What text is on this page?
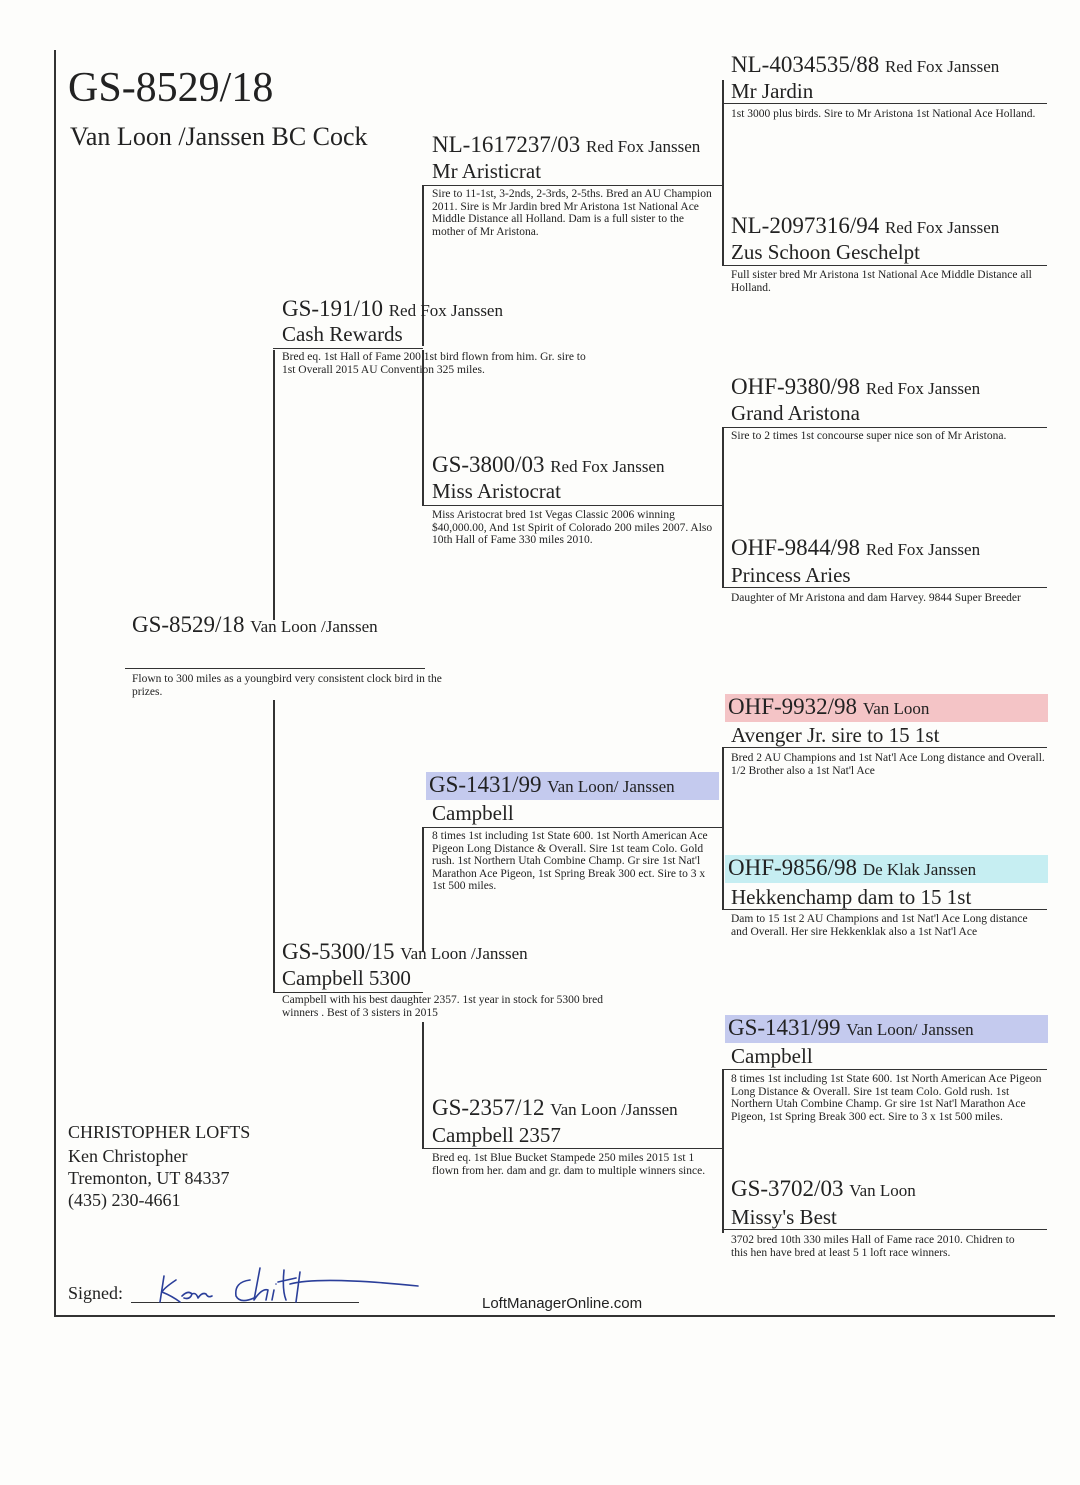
GS-8529/18
Van Loon /Janssen BC Cock
GS-8529/18 Van Loon /Janssen
Flown to 300 miles as a youngbird very consistent clock bird in the prizes.
GS-191/10 Red Fox Janssen
Cash Rewards
Bred eq. 1st Hall of Fame 200 1st bird flown from him. Gr. sire to 1st Overall 2015 AU Convention 325 miles.
GS-5300/15 Van Loon /Janssen
Campbell 5300
Campbell with his best daughter 2357. 1st year in stock for 5300 bred winners . Best of 3 sisters in 2015
NL-1617237/03 Red Fox Janssen
Mr Aristicrat
Sire to 11-1st, 3-2nds, 2-3rds, 2-5ths. Bred an AU Champion 2011. Sire is Mr Jardin bred Mr Aristona 1st National Ace Middle Distance all Holland. Dam is a full sister to the mother of Mr Aristona.
GS-3800/03 Red Fox Janssen
Miss Aristocrat
Miss Aristocrat bred 1st Vegas Classic 2006 winning $40,000.00, And 1st Spirit of Colorado 200 miles 2007. Also 10th Hall of Fame 330 miles 2010.
GS-1431/99 Van Loon/ Janssen
Campbell
8 times 1st including 1st State 600. 1st North American Ace Pigeon Long Distance & Overall. Sire 1st team Colo. Gold rush. 1st Northern Utah Combine Champ. Gr sire 1st Nat'l Marathon Ace Pigeon, 1st Spring Break 300 ect. Sire to 3 x 1st 500 miles.
GS-2357/12 Van Loon /Janssen
Campbell 2357
Bred eq. 1st Blue Bucket Stampede 250 miles 2015 1st 1 flown from her. dam and gr. dam to multiple winners since.
NL-4034535/88 Red Fox Janssen
Mr Jardin
1st 3000 plus birds. Sire to Mr Aristona 1st National Ace Holland.
NL-2097316/94 Red Fox Janssen
Zus Schoon Geschelpt
Full sister bred Mr Aristona 1st National Ace Middle Distance all Holland.
OHF-9380/98 Red Fox Janssen
Grand Aristona
Sire to 2 times 1st concourse super nice son of Mr Aristona.
OHF-9844/98 Red Fox Janssen
Princess Aries
Daughter of Mr Aristona and dam Harvey. 9844 Super Breeder
OHF-9932/98 Van Loon
Avenger Jr. sire to 15 1st
Bred 2 AU Champions and 1st Nat'l Ace Long distance and Overall. 1/2 Brother also a 1st Nat'l Ace
OHF-9856/98 De Klak Janssen
Hekkenchamp dam to 15 1st
Dam to 15 1st 2 AU Champions and 1st Nat'l Ace Long distance and Overall. Her sire Hekkenklak also a 1st Nat'l Ace
GS-1431/99 Van Loon/ Janssen
Campbell
8 times 1st including 1st State 600. 1st North American Ace Pigeon Long Distance & Overall. Sire 1st team Colo. Gold rush. 1st Northern Utah Combine Champ. Gr sire 1st Nat'l Marathon Ace Pigeon, 1st Spring Break 300 ect. Sire to 3 x 1st 500 miles.
GS-3702/03 Van Loon
Missy's Best
3702 bred 10th 330 miles Hall of Fame race 2010. Chidren to this hen have bred at least 5 1 loft race winners.
CHRISTOPHER LOFTS
Ken Christopher
Tremonton, UT 84337
(435) 230-4661
Signed:
LoftManagerOnline.com
